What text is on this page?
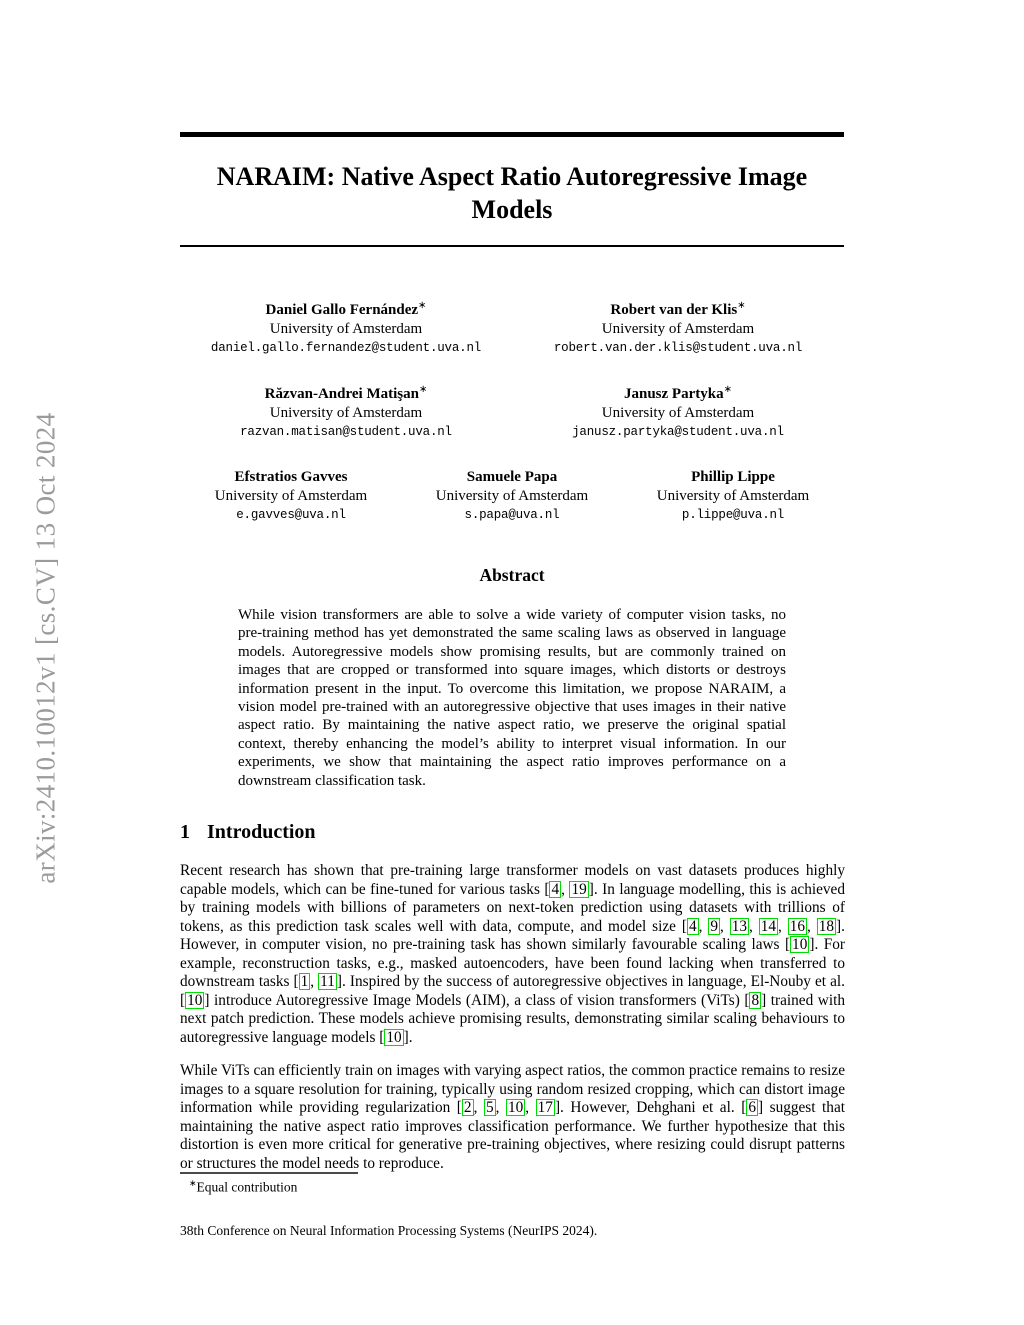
arXiv:2410.10012v1 [cs.CV] 13 Oct 2024
NARAIM: Native Aspect Ratio Autoregressive Image Models
Daniel Gallo Fernández∗
University of Amsterdam
daniel.gallo.fernandez@student.uva.nl
Robert van der Klis∗
University of Amsterdam
robert.van.der.klis@student.uva.nl
Răzvan-Andrei Matişan∗
University of Amsterdam
razvan.matisan@student.uva.nl
Janusz Partyka∗
University of Amsterdam
janusz.partyka@student.uva.nl
Efstratios Gavves
University of Amsterdam
e.gavves@uva.nl
Samuele Papa
University of Amsterdam
s.papa@uva.nl
Phillip Lippe
University of Amsterdam
p.lippe@uva.nl
Abstract
While vision transformers are able to solve a wide variety of computer vision tasks, no pre-training method has yet demonstrated the same scaling laws as observed in language models. Autoregressive models show promising results, but are commonly trained on images that are cropped or transformed into square images, which distorts or destroys information present in the input. To overcome this limitation, we propose NARAIM, a vision model pre-trained with an autoregressive objective that uses images in their native aspect ratio. By maintaining the native aspect ratio, we preserve the original spatial context, thereby enhancing the model’s ability to interpret visual information. In our experiments, we show that maintaining the aspect ratio improves performance on a downstream classification task.
1 Introduction

Recent research has shown that pre-training large transformer models on vast datasets produces highly capable models, which can be fine-tuned for various tasks [ 4 , 19 ]. In language modelling, this is achieved by training models with billions of parameters on next-token prediction using datasets with trillions of tokens, as this prediction task scales well with data, compute, and model size [ 4 , 9 , 13 , 14 , 16 , 18 ]. However, in computer vision, no pre-training task has shown similarly favourable scaling laws [ 10 ]. For example, reconstruction tasks, e.g., masked autoencoders, have been found lacking when transferred to downstream tasks [ 1 , 11 ]. Inspired by the success of autoregressive objectives in language, El-Nouby et al. [ 10 ] introduce Autoregressive Image Models (AIM), a class of vision transformers (ViTs) [ 8 ] trained with next patch prediction. These models achieve promising results, demonstrating similar scaling behaviours to autoregressive language models [ 10 ].

While ViTs can efficiently train on images with varying aspect ratios, the common practice remains to resize images to a square resolution for training, typically using random resized cropping, which can distort image information while providing regularization [ 2 , 5 , 10 , 17 ]. However, Dehghani et al. [ 6 ] suggest that maintaining the native aspect ratio improves classification performance. We further hypothesize that this distortion is even more critical for generative pre-training objectives, where resizing could disrupt patterns or structures the model needs to reproduce.

∗Equal contribution
38th Conference on Neural Information Processing Systems (NeurIPS 2024).
